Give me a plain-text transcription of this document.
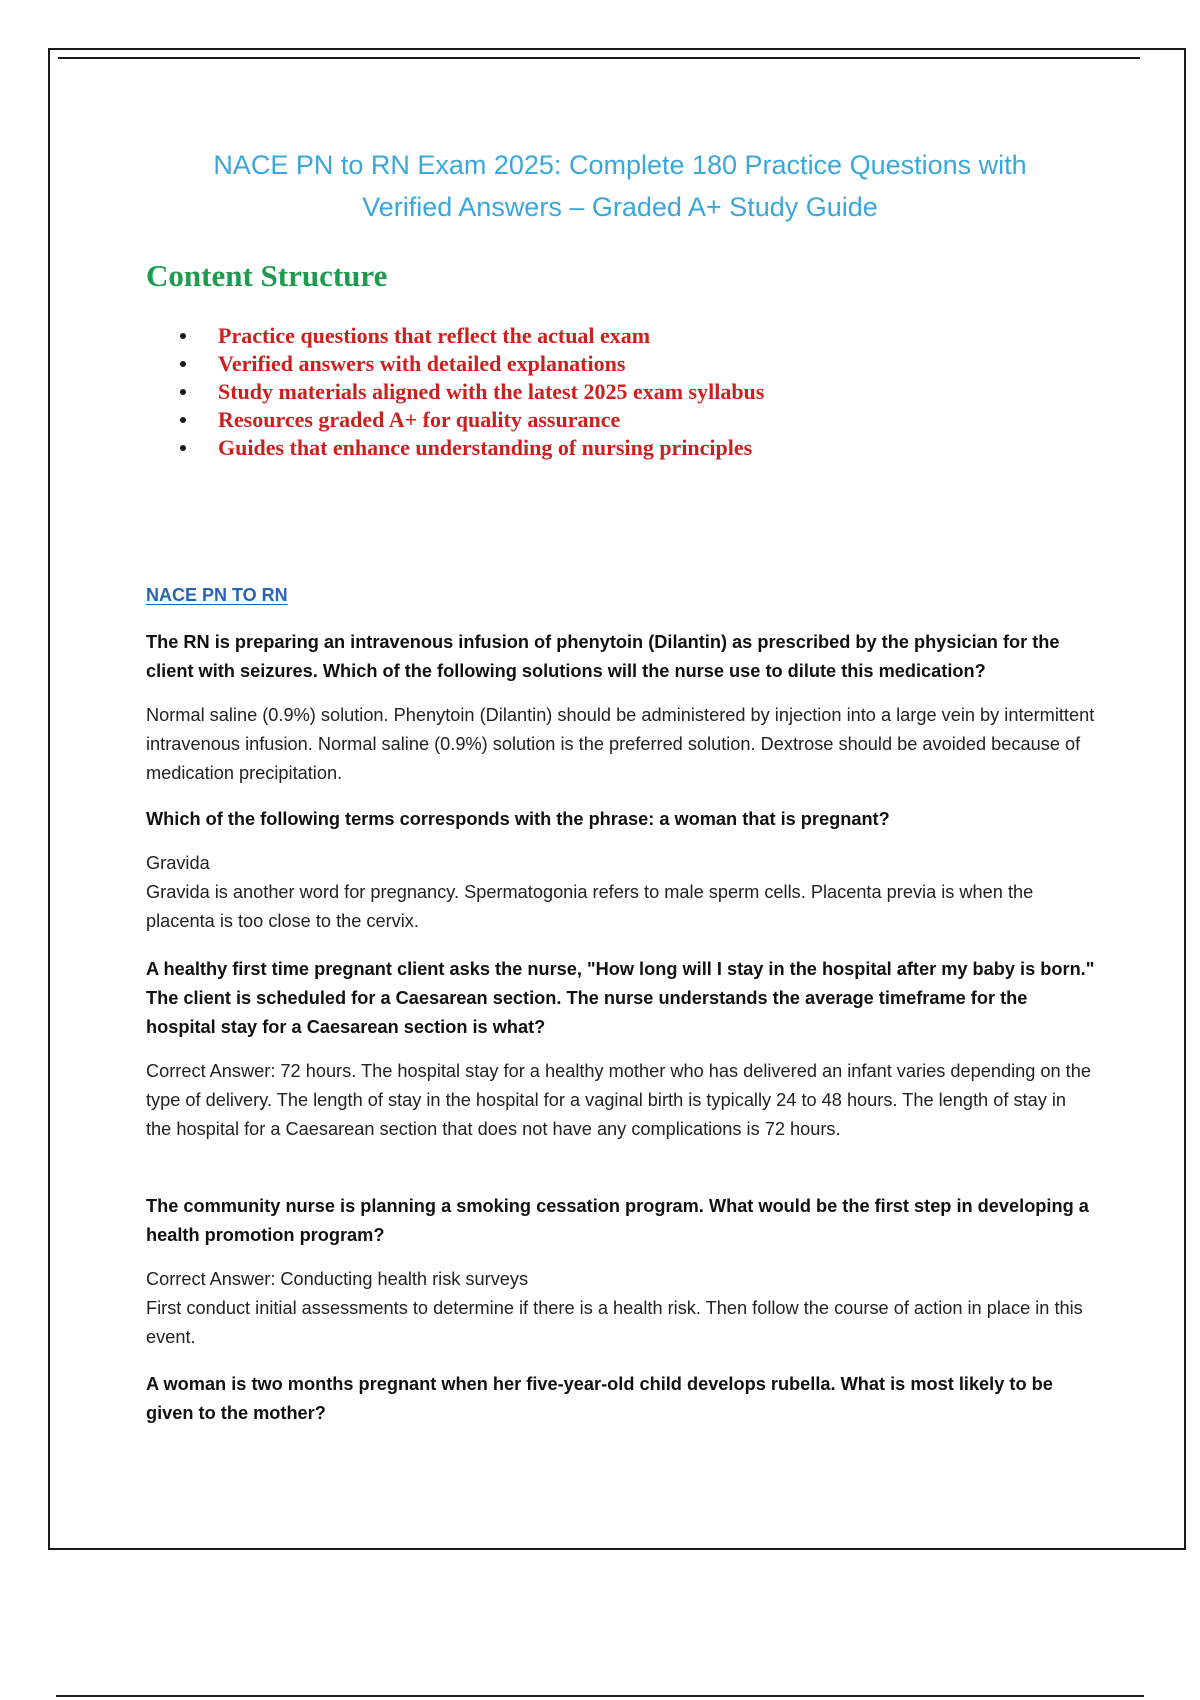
NACE PN to RN Exam 2025: Complete 180 Practice Questions with
Verified Answers – Graded A+ Study Guide
Content Structure
Practice questions that reflect the actual exam
Verified answers with detailed explanations
Study materials aligned with the latest 2025 exam syllabus
Resources graded A+ for quality assurance
Guides that enhance understanding of nursing principles
NACE PN TO RN

The RN is preparing an intravenous infusion of phenytoin (Dilantin) as prescribed by the physician for the client with seizures. Which of the following solutions will the nurse use to dilute this medication?

Normal saline (0.9%) solution. Phenytoin (Dilantin) should be administered by injection into a large vein by intermittent intravenous infusion. Normal saline (0.9%) solution is the preferred solution. Dextrose should be avoided because of medication precipitation.

Which of the following terms corresponds with the phrase: a woman that is pregnant?

Gravida

Gravida is another word for pregnancy. Spermatogonia refers to male sperm cells. Placenta previa is when the placenta is too close to the cervix.

A healthy first time pregnant client asks the nurse, "How long will I stay in the hospital after my baby is born." The client is scheduled for a Caesarean section. The nurse understands the average timeframe for the hospital stay for a Caesarean section is what?

Correct Answer: 72 hours. The hospital stay for a healthy mother who has delivered an infant varies depending on the type of delivery. The length of stay in the hospital for a vaginal birth is typically 24 to 48 hours. The length of stay in the hospital for a Caesarean section that does not have any complications is 72 hours.

The community nurse is planning a smoking cessation program. What would be the first step in developing a health promotion program?

Correct Answer: Conducting health risk surveys

First conduct initial assessments to determine if there is a health risk. Then follow the course of action in place in this event.

A woman is two months pregnant when her five-year-old child develops rubella. What is most likely to be given to the mother?
